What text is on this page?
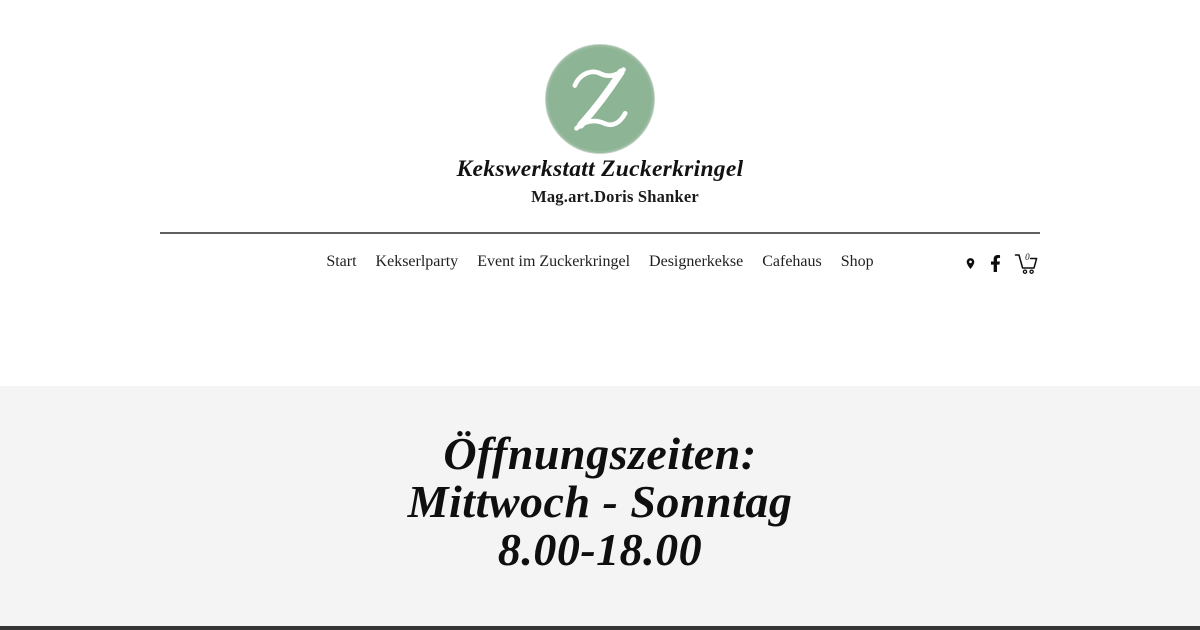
Kekswerkstatt Zuckerkringel
Mag.art.Doris Shanker
Start Kekserlparty Event im Zuckerkringel Designerkekse Cafehaus Shop	0
Öffnungszeiten:
Mittwoch - Sonntag
8.00-18.00
